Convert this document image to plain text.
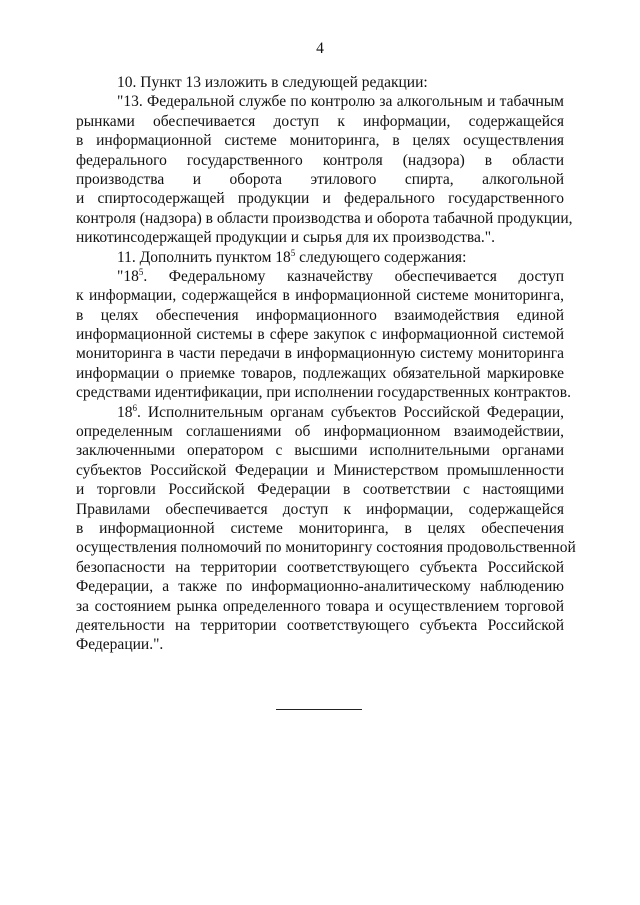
4
10. Пункт 13 изложить в следующей редакции:
"13. Федеральной службе по контролю за алкогольным и табачным
рынками обеспечивается доступ к информации, содержащейся
в информационной системе мониторинга, в целях осуществления
федерального государственного контроля (надзора) в области
производства и оборота этилового спирта, алкогольной
и спиртосодержащей продукции и федерального государственного
контроля (надзора) в области производства и оборота табачной продукции,
никотинсодержащей продукции и сырья для их производства.".
11. Дополнить пунктом $18^5$ следующего содержания:
"$18^5$. Федеральному казначейству обеспечивается доступ
к информации, содержащейся в информационной системе мониторинга,
в целях обеспечения информационного взаимодействия единой
информационной системы в сфере закупок с информационной системой
мониторинга в части передачи в информационную систему мониторинга
информации о приемке товаров, подлежащих обязательной маркировке
средствами идентификации, при исполнении государственных контрактов.
$18^6$. Исполнительным органам субъектов Российской Федерации,
определенным соглашениями об информационном взаимодействии,
заключенными оператором с высшими исполнительными органами
субъектов Российской Федерации и Министерством промышленности
и торговли Российской Федерации в соответствии с настоящими
Правилами обеспечивается доступ к информации, содержащейся
в информационной системе мониторинга, в целях обеспечения
осуществления полномочий по мониторингу состояния продовольственной
безопасности на территории соответствующего субъекта Российской
Федерации, а также по информационно-аналитическому наблюдению
за состоянием рынка определенного товара и осуществлением торговой
деятельности на территории соответствующего субъекта Российской
Федерации.".
